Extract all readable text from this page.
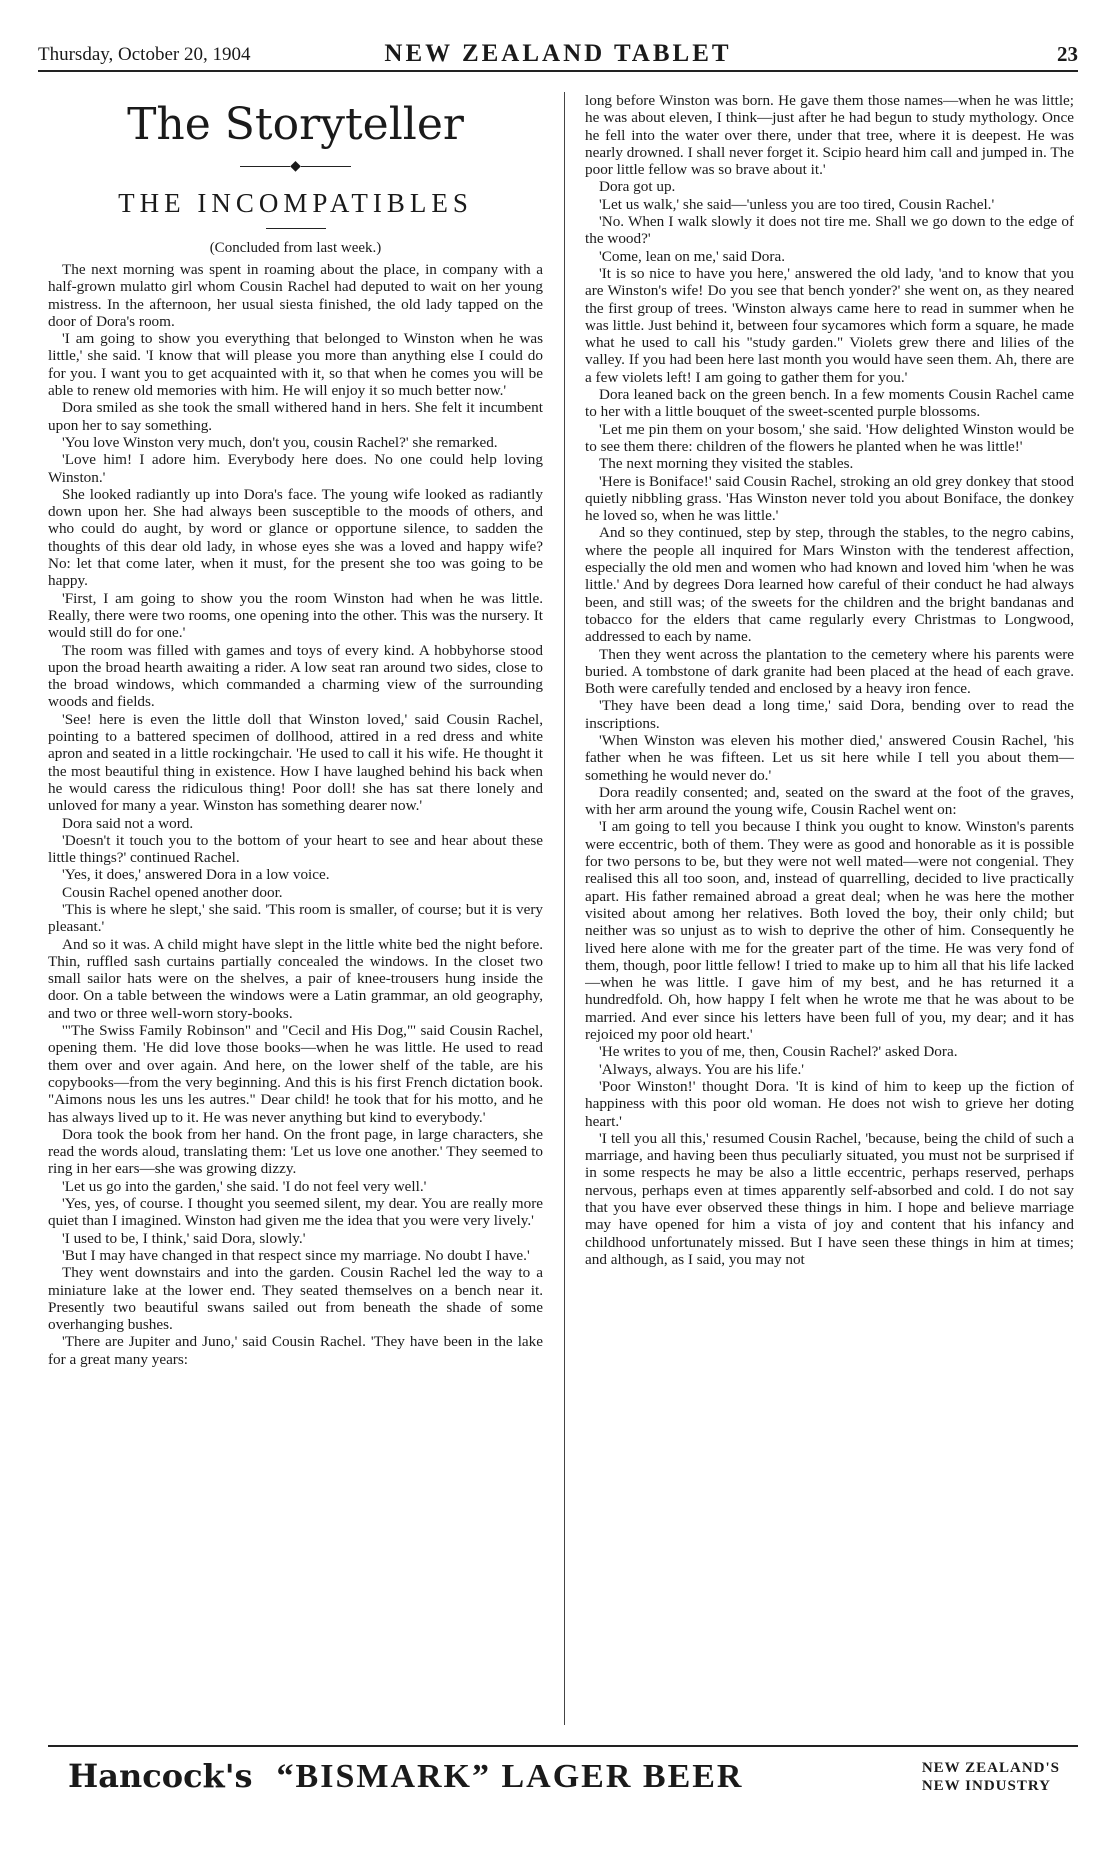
Thursday, October 20, 1904	NEW ZEALAND TABLET	23
The Storyteller
◆
THE INCOMPATIBLES
(Concluded from last week.)

The next morning was spent in roaming about the place, in company with a half-grown mulatto girl whom Cousin Rachel had deputed to wait on her young mistress. In the afternoon, her usual siesta finished, the old lady tapped on the door of Dora's room.

'I am going to show you everything that belonged to Winston when he was little,' she said. 'I know that will please you more than anything else I could do for you. I want you to get acquainted with it, so that when he comes you will be able to renew old memories with him. He will enjoy it so much better now.'

Dora smiled as she took the small withered hand in hers. She felt it incumbent upon her to say something.

'You love Winston very much, don't you, cousin Rachel?' she remarked.

'Love him! I adore him. Everybody here does. No one could help loving Winston.'

She looked radiantly up into Dora's face. The young wife looked as radiantly down upon her. She had always been susceptible to the moods of others, and who could do aught, by word or glance or opportune silence, to sadden the thoughts of this dear old lady, in whose eyes she was a loved and happy wife? No: let that come later, when it must, for the present she too was going to be happy.

'First, I am going to show you the room Winston had when he was little. Really, there were two rooms, one opening into the other. This was the nursery. It would still do for one.'

The room was filled with games and toys of every kind. A hobbyhorse stood upon the broad hearth awaiting a rider. A low seat ran around two sides, close to the broad windows, which commanded a charming view of the surrounding woods and fields.

'See! here is even the little doll that Winston loved,' said Cousin Rachel, pointing to a battered specimen of dollhood, attired in a red dress and white apron and seated in a little rockingchair. 'He used to call it his wife. He thought it the most beautiful thing in existence. How I have laughed behind his back when he would caress the ridiculous thing! Poor doll! she has sat there lonely and unloved for many a year. Winston has something dearer now.'

Dora said not a word.

'Doesn't it touch you to the bottom of your heart to see and hear about these little things?' continued Rachel.

'Yes, it does,' answered Dora in a low voice.

Cousin Rachel opened another door.

'This is where he slept,' she said. 'This room is smaller, of course; but it is very pleasant.'

And so it was. A child might have slept in the little white bed the night before. Thin, ruffled sash curtains partially concealed the windows. In the closet two small sailor hats were on the shelves, a pair of knee-trousers hung inside the door. On a table between the windows were a Latin grammar, an old geography, and two or three well-worn story-books.

'"The Swiss Family Robinson" and "Cecil and His Dog,"' said Cousin Rachel, opening them. 'He did love those books—when he was little. He used to read them over and over again. And here, on the lower shelf of the table, are his copybooks—from the very beginning. And this is his first French dictation book. "Aimons nous les uns les autres." Dear child! he took that for his motto, and he has always lived up to it. He was never anything but kind to everybody.'

Dora took the book from her hand. On the front page, in large characters, she read the words aloud, translating them: 'Let us love one another.' They seemed to ring in her ears—she was growing dizzy.

'Let us go into the garden,' she said. 'I do not feel very well.'

'Yes, yes, of course. I thought you seemed silent, my dear. You are really more quiet than I imagined. Winston had given me the idea that you were very lively.'

'I used to be, I think,' said Dora, slowly.'

'But I may have changed in that respect since my marriage. No doubt I have.'

They went downstairs and into the garden. Cousin Rachel led the way to a miniature lake at the lower end. They seated themselves on a bench near it. Presently two beautiful swans sailed out from beneath the shade of some overhanging bushes.

'There are Jupiter and Juno,' said Cousin Rachel. 'They have been in the lake for a great many years:

long before Winston was born. He gave them those names—when he was little; he was about eleven, I think—just after he had begun to study mythology. Once he fell into the water over there, under that tree, where it is deepest. He was nearly drowned. I shall never forget it. Scipio heard him call and jumped in. The poor little fellow was so brave about it.'

Dora got up.

'Let us walk,' she said—'unless you are too tired, Cousin Rachel.'

'No. When I walk slowly it does not tire me. Shall we go down to the edge of the wood?'

'Come, lean on me,' said Dora.

'It is so nice to have you here,' answered the old lady, 'and to know that you are Winston's wife! Do you see that bench yonder?' she went on, as they neared the first group of trees. 'Winston always came here to read in summer when he was little. Just behind it, between four sycamores which form a square, he made what he used to call his "study garden." Violets grew there and lilies of the valley. If you had been here last month you would have seen them. Ah, there are a few violets left! I am going to gather them for you.'

Dora leaned back on the green bench. In a few moments Cousin Rachel came to her with a little bouquet of the sweet-scented purple blossoms.

'Let me pin them on your bosom,' she said. 'How delighted Winston would be to see them there: children of the flowers he planted when he was little!'

The next morning they visited the stables.

'Here is Boniface!' said Cousin Rachel, stroking an old grey donkey that stood quietly nibbling grass. 'Has Winston never told you about Boniface, the donkey he loved so, when he was little.'

And so they continued, step by step, through the stables, to the negro cabins, where the people all inquired for Mars Winston with the tenderest affection, especially the old men and women who had known and loved him 'when he was little.' And by degrees Dora learned how careful of their conduct he had always been, and still was; of the sweets for the children and the bright bandanas and tobacco for the elders that came regularly every Christmas to Longwood, addressed to each by name.

Then they went across the plantation to the cemetery where his parents were buried. A tombstone of dark granite had been placed at the head of each grave. Both were carefully tended and enclosed by a heavy iron fence.

'They have been dead a long time,' said Dora, bending over to read the inscriptions.

'When Winston was eleven his mother died,' answered Cousin Rachel, 'his father when he was fifteen. Let us sit here while I tell you about them—something he would never do.'

Dora readily consented; and, seated on the sward at the foot of the graves, with her arm around the young wife, Cousin Rachel went on:

'I am going to tell you because I think you ought to know. Winston's parents were eccentric, both of them. They were as good and honorable as it is possible for two persons to be, but they were not well mated—were not congenial. They realised this all too soon, and, instead of quarrelling, decided to live practically apart. His father remained abroad a great deal; when he was here the mother visited about among her relatives. Both loved the boy, their only child; but neither was so unjust as to wish to deprive the other of him. Consequently he lived here alone with me for the greater part of the time. He was very fond of them, though, poor little fellow! I tried to make up to him all that his life lacked—when he was little. I gave him of my best, and he has returned it a hundredfold. Oh, how happy I felt when he wrote me that he was about to be married. And ever since his letters have been full of you, my dear; and it has rejoiced my poor old heart.'

'He writes to you of me, then, Cousin Rachel?' asked Dora.

'Always, always. You are his life.'

'Poor Winston!' thought Dora. 'It is kind of him to keep up the fiction of happiness with this poor old woman. He does not wish to grieve her doting heart.'

'I tell you all this,' resumed Cousin Rachel, 'because, being the child of such a marriage, and having been thus peculiarly situated, you must not be surprised if in some respects he may be also a little eccentric, perhaps reserved, perhaps nervous, perhaps even at times apparently self-absorbed and cold. I do not say that you have ever observed these things in him. I hope and believe marriage may have opened for him a vista of joy and content that his infancy and childhood unfortunately missed. But I have seen these things in him at times; and although, as I said, you may not

Hancock's “BISMARK” LAGER BEER	NEW ZEALAND'S
NEW INDUSTRY
